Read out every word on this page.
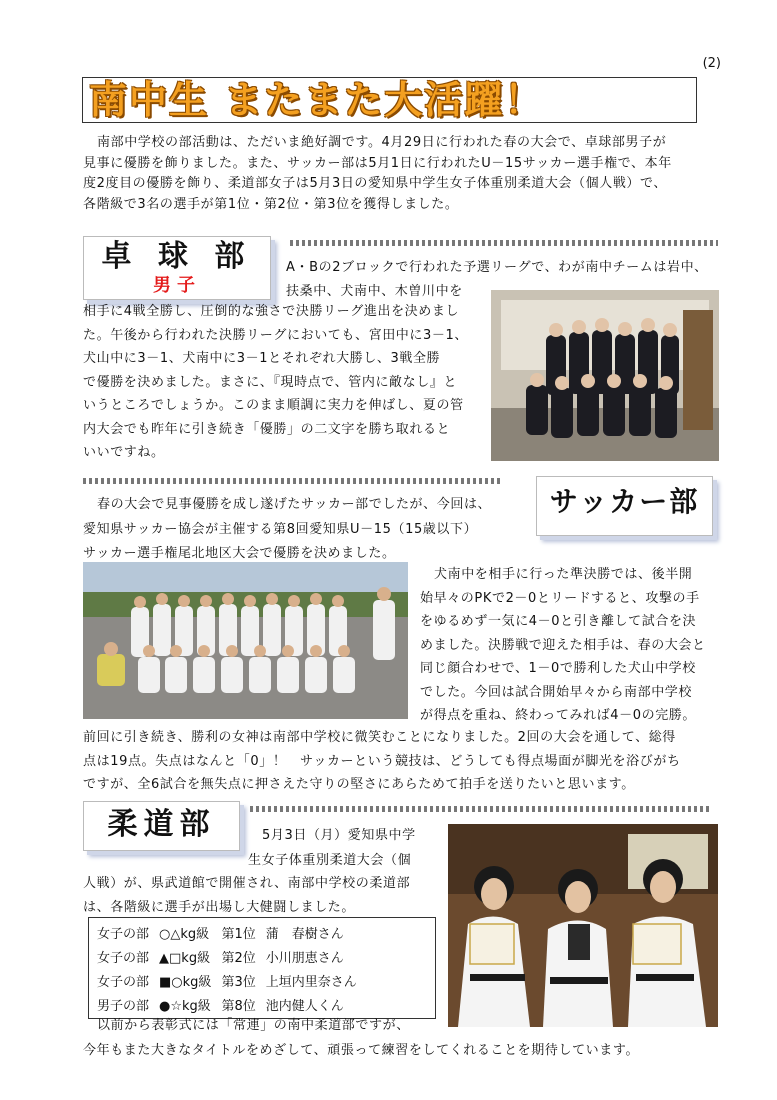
(2)
南中生 またまた大活躍！
南部中学校の部活動は、ただいま絶好調です。4月29日に行われた春の大会で、卓球部男子が
見事に優勝を飾りました。また、サッカー部は5月1日に行われたU－15サッカー選手権で、本年
度2度目の優勝を飾り、柔道部女子は5月3日の愛知県中学生女子体重別柔道大会（個人戦）で、
各階級で3名の選手が第1位・第2位・第3位を獲得しました。
卓 球 部
男子
A・Bの2ブロックで行われた予選リーグで、わが南中チームは岩中、
扶桑中、犬南中、木曽川中を
相手に4戦全勝し、圧倒的な強さで決勝リーグ進出を決めまし
た。午後から行われた決勝リーグにおいても、宮田中に3－1、
犬山中に3－1、犬南中に3－1とそれぞれ大勝し、3戦全勝
で優勝を決めました。まさに、『現時点で、管内に敵なし』と
いうところでしょうか。このまま順調に実力を伸ばし、夏の管
内大会でも昨年に引き続き「優勝」の二文字を勝ち取れると
いいですね。
サッカー部
春の大会で見事優勝を成し遂げたサッカー部でしたが、今回は、
愛知県サッカー協会が主催する第8回愛知県U－15（15歳以下）
サッカー選手権尾北地区大会で優勝を決めました。
犬南中を相手に行った準決勝では、後半開
始早々のPKで2－0とリードすると、攻撃の手
をゆるめず一気に4－0と引き離して試合を決
めました。決勝戦で迎えた相手は、春の大会と
同じ顔合わせで、1－0で勝利した犬山中学校
でした。今回は試合開始早々から南部中学校
が得点を重ね、終わってみれば4－0の完勝。
前回に引き続き、勝利の女神は南部中学校に微笑むことになりました。2回の大会を通して、総得
点は19点。失点はなんと「0」！　サッカーという競技は、どうしても得点場面が脚光を浴びがち
ですが、全6試合を無失点に押さえた守りの堅さにあらためて拍手を送りたいと思います。
柔道部	5月3日（月）愛知県中学
生女子体重別柔道大会（個
人戦）が、県武道館で開催され、南部中学校の柔道部
は、各階級に選手が出場し大健闘しました。
女子の部	○△kg級	第1位	蒲　春樹さん
女子の部	▲□kg級	第2位	小川朋恵さん
女子の部	■○kg級	第3位	上垣内里奈さん
男子の部	●☆kg級	第8位	池内健人くん
以前から表彰式には「常連」の南中柔道部ですが、
今年もまた大きなタイトルをめざして、頑張って練習をしてくれることを期待しています。
